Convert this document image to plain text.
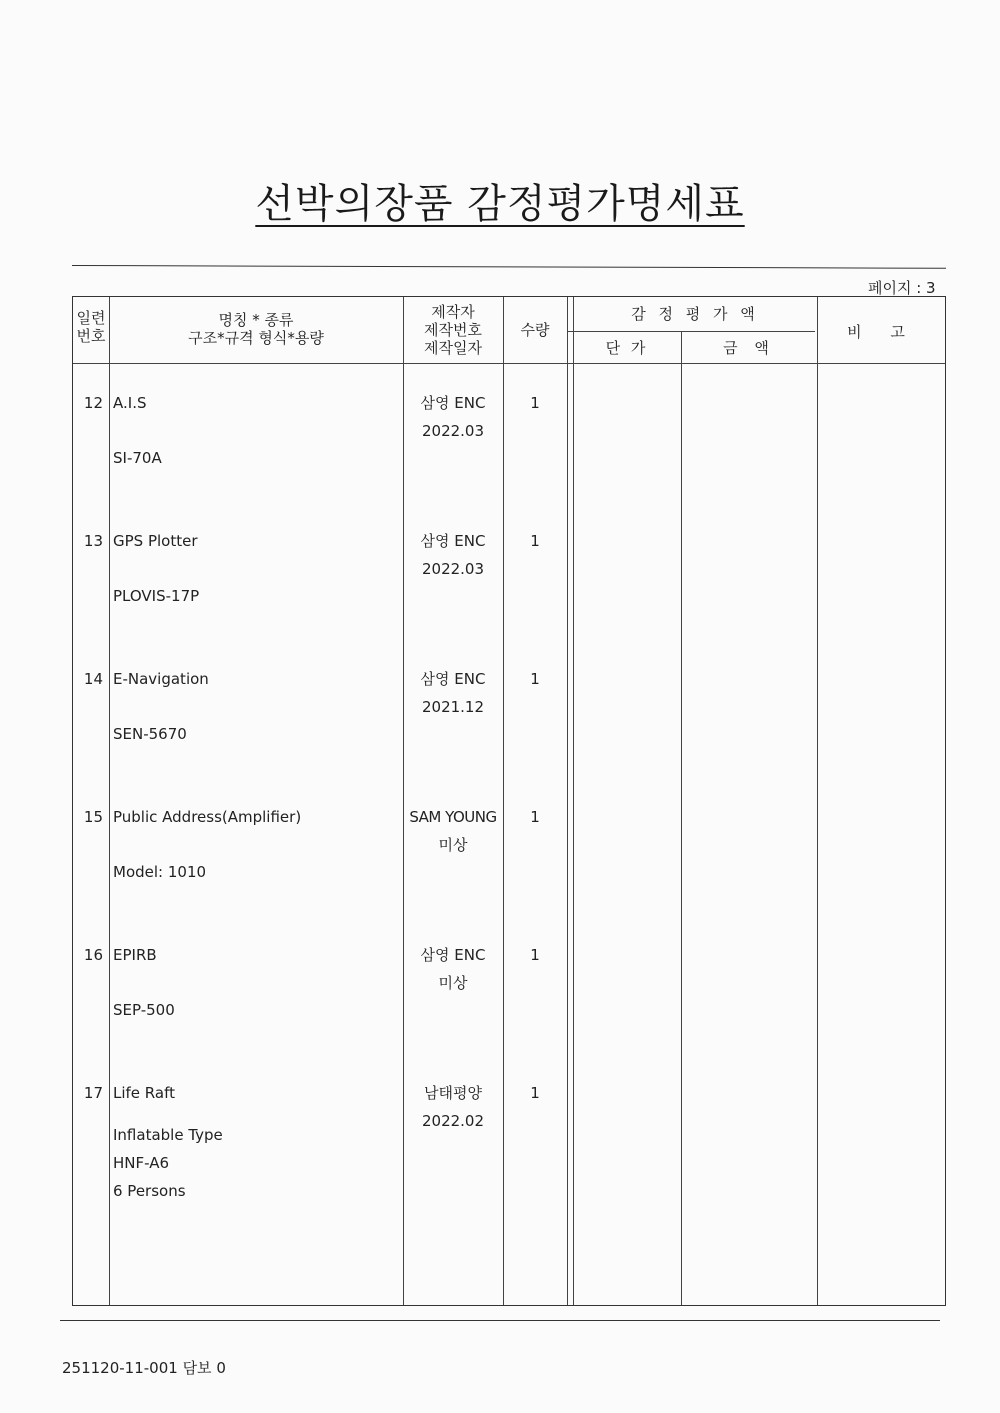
선박의장품 감정평가명세표
페이지 : 3
일련
번호
명칭 * 종류
구조*규격 형식*용량
제작자
제작번호
제작일자
수량
감 정 평 가 액
단 가	금 액
비 고
12 A.I.S
SI-70A
삼영 ENC
2022.03
1
13 GPS Plotter
PLOVIS-17P
삼영 ENC
2022.03
1
14 E-Navigation
SEN-5670
삼영 ENC
2021.12
1
15 Public Address(Amplifier)
Model: 1010
SAM YOUNG
미상
1
16 EPIRB
SEP-500
삼영 ENC
미상
1
17 Life Raft
Inflatable Type
HNF-A6
6 Persons
남태평양
2022.02
1
251120-11-001 담보 0
